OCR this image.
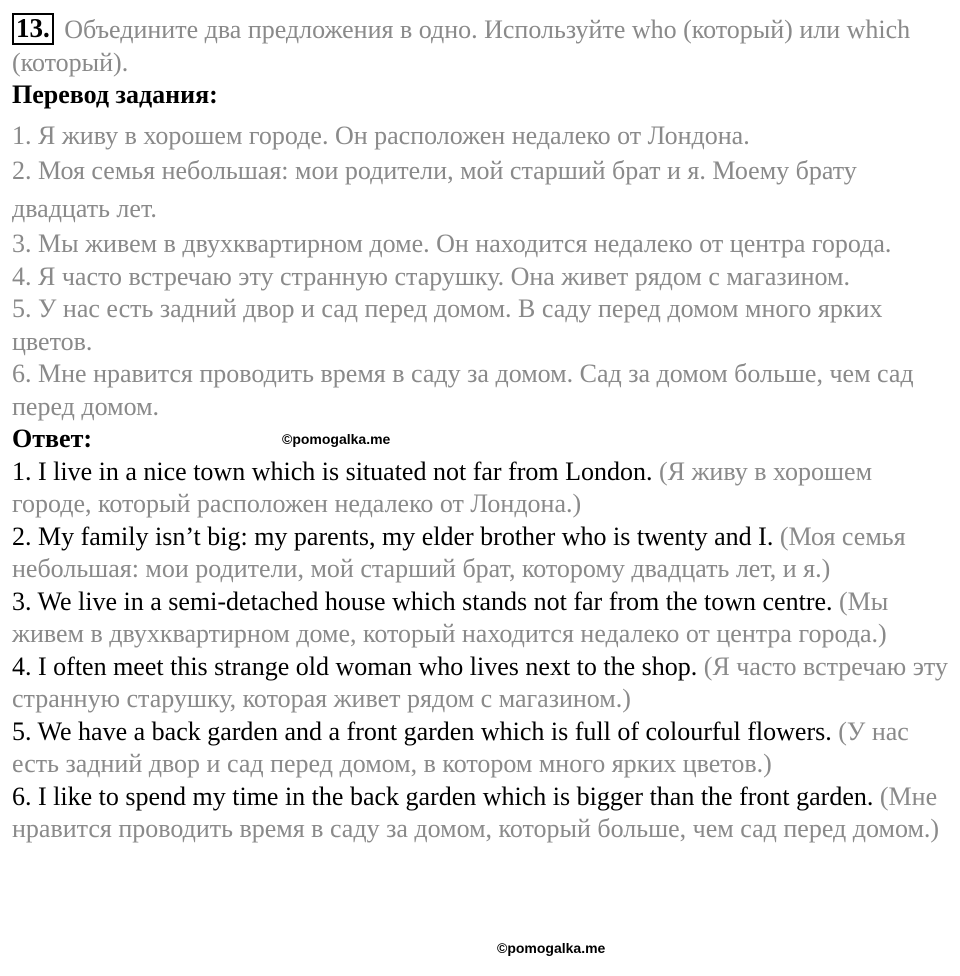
13. Объедините два предложения в одно. Используйте who (который) или which (который).

Перевод задания:

1. Я живу в хорошем городе. Он расположен недалеко от Лондона.

2. Моя семья небольшая: мои родители, мой старший брат и я. Моему брату двадцать лет.

3. Мы живем в двухквартирном доме. Он находится недалеко от центра города.

4. Я часто встречаю эту странную старушку. Она живет рядом с магазином.

5. У нас есть задний двор и сад перед домом. В саду перед домом много ярких цветов.

6. Мне нравится проводить время в саду за домом. Сад за домом больше, чем сад перед домом.

Ответ:	©pomogalka.me

1. I live in a nice town which is situated not far from London. (Я живу в хорошем городе, который расположен недалеко от Лондона.)

2. My family isn’t big: my parents, my elder brother who is twenty and I. (Моя семья небольшая: мои родители, мой старший брат, которому двадцать лет, и я.)

3. We live in a semi-detached house which stands not far from the town centre. (Мы живем в двухквартирном доме, который находится недалеко от центра города.)

4. I often meet this strange old woman who lives next to the shop. (Я часто встречаю эту странную старушку, которая живет рядом с магазином.)

5. We have a back garden and a front garden which is full of colourful flowers. (У нас есть задний двор и сад перед домом, в котором много ярких цветов.)

6. I like to spend my time in the back garden which is bigger than the front garden. (Мне нравится проводить время в саду за домом, который больше, чем сад перед домом.)

©pomogalka.me
